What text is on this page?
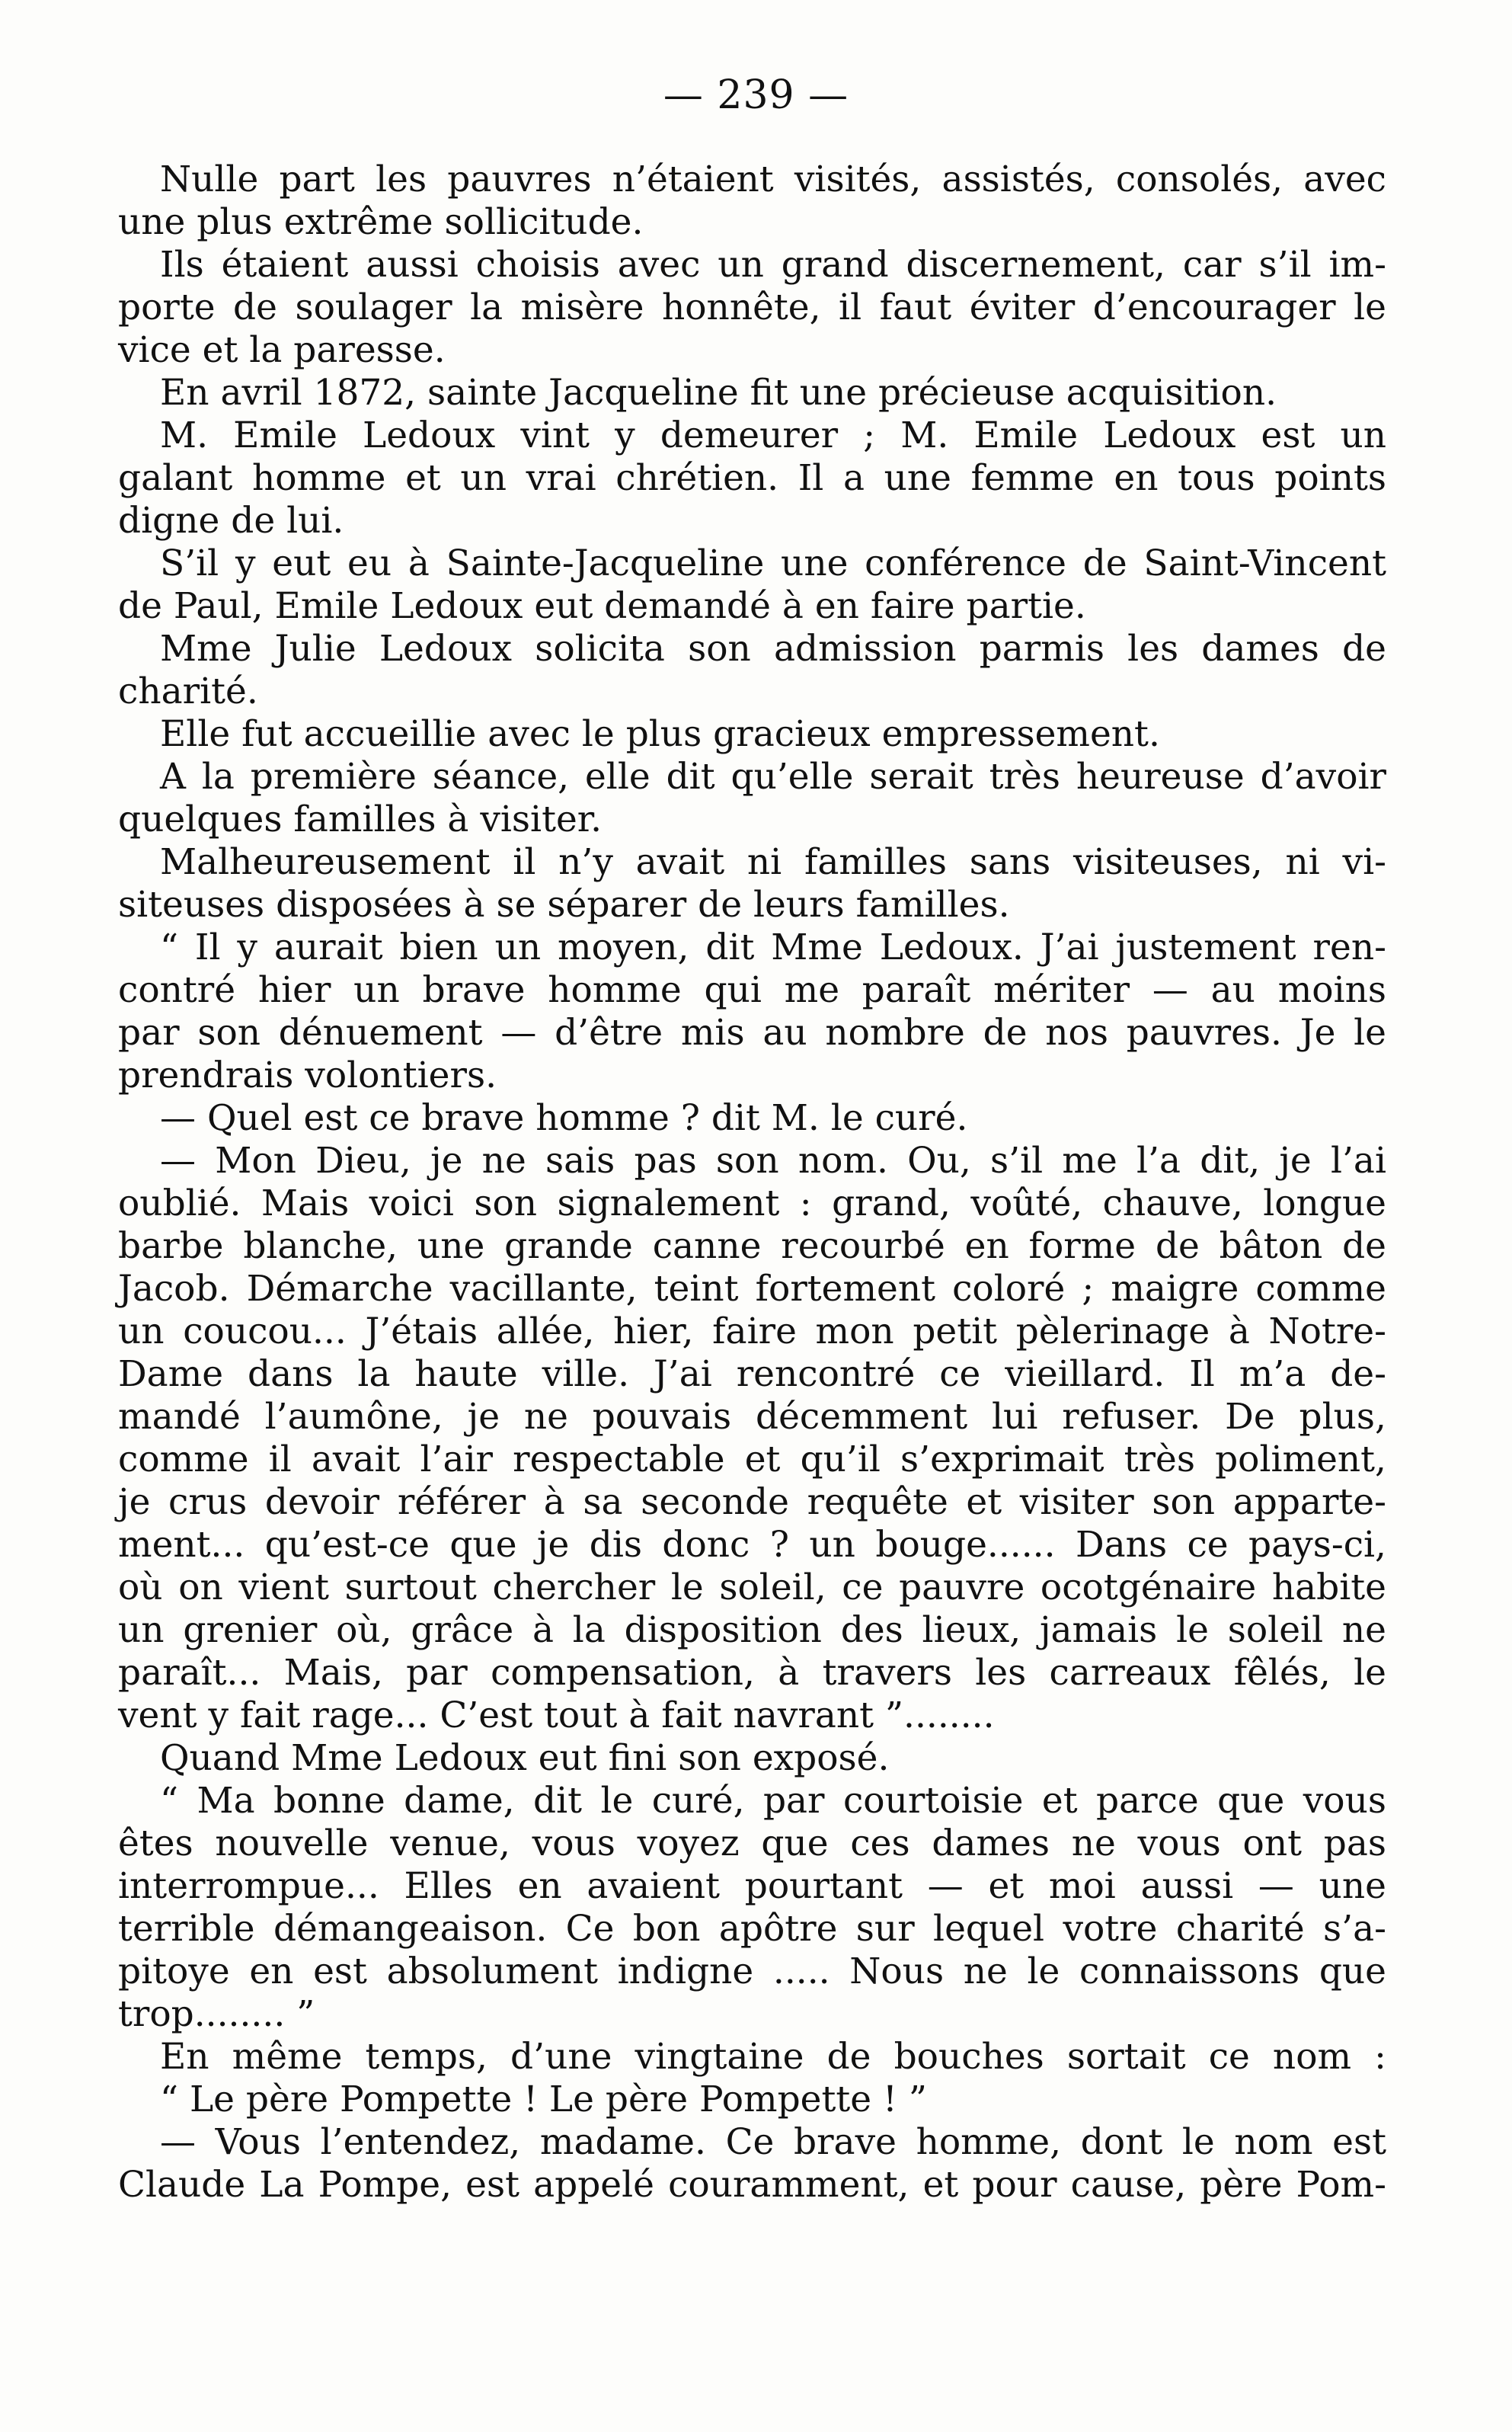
— 239 —
Nulle part les pauvres n’étaient visités, assistés, consolés, avec
une plus extrême sollicitude.
Ils étaient aussi choisis avec un grand discernement, car s’il im-
porte de soulager la misère honnête, il faut éviter d’encourager le
vice et la paresse.
En avril 1872, sainte Jacqueline fit une précieuse acquisition.
M. Emile Ledoux vint y demeurer ; M. Emile Ledoux est un
galant homme et un vrai chrétien. Il a une femme en tous points
digne de lui.
S’il y eut eu à Sainte-Jacqueline une conférence de Saint-Vincent
de Paul, Emile Ledoux eut demandé à en faire partie.
Mme Julie Ledoux solicita son admission parmis les dames de
charité.
Elle fut accueillie avec le plus gracieux empressement.
A la première séance, elle dit qu’elle serait très heureuse d’avoir
quelques familles à visiter.
Malheureusement il n’y avait ni familles sans visiteuses, ni vi-
siteuses disposées à se séparer de leurs familles.
“ Il y aurait bien un moyen, dit Mme Ledoux. J’ai justement ren-
contré hier un brave homme qui me paraît mériter — au moins
par son dénuement — d’être mis au nombre de nos pauvres. Je le
prendrais volontiers.
— Quel est ce brave homme ? dit M. le curé.
— Mon Dieu, je ne sais pas son nom. Ou, s’il me l’a dit, je l’ai
oublié. Mais voici son signalement : grand, voûté, chauve, longue
barbe blanche, une grande canne recourbé en forme de bâton de
Jacob. Démarche vacillante, teint fortement coloré ; maigre comme
un coucou... J’étais allée, hier, faire mon petit pèlerinage à Notre-
Dame dans la haute ville. J’ai rencontré ce vieillard. Il m’a de-
mandé l’aumône, je ne pouvais décemment lui refuser. De plus,
comme il avait l’air respectable et qu’il s’exprimait très poliment,
je crus devoir référer à sa seconde requête et visiter son apparte-
ment... qu’est-ce que je dis donc ? un bouge...... Dans ce pays-ci,
où on vient surtout chercher le soleil, ce pauvre ocotgénaire habite
un grenier où, grâce à la disposition des lieux, jamais le soleil ne
paraît... Mais, par compensation, à travers les carreaux fêlés, le
vent y fait rage... C’est tout à fait navrant ”........
Quand Mme Ledoux eut fini son exposé.
“ Ma bonne dame, dit le curé, par courtoisie et parce que vous
êtes nouvelle venue, vous voyez que ces dames ne vous ont pas
interrompue... Elles en avaient pourtant — et moi aussi — une
terrible démangeaison. Ce bon apôtre sur lequel votre charité s’a-
pitoye en est absolument indigne ..... Nous ne le connaissons que
trop........ ”
En même temps, d’une vingtaine de bouches sortait ce nom :
“ Le père Pompette ! Le père Pompette ! ”
— Vous l’entendez, madame. Ce brave homme, dont le nom est
Claude La Pompe, est appelé couramment, et pour cause, père Pom-
